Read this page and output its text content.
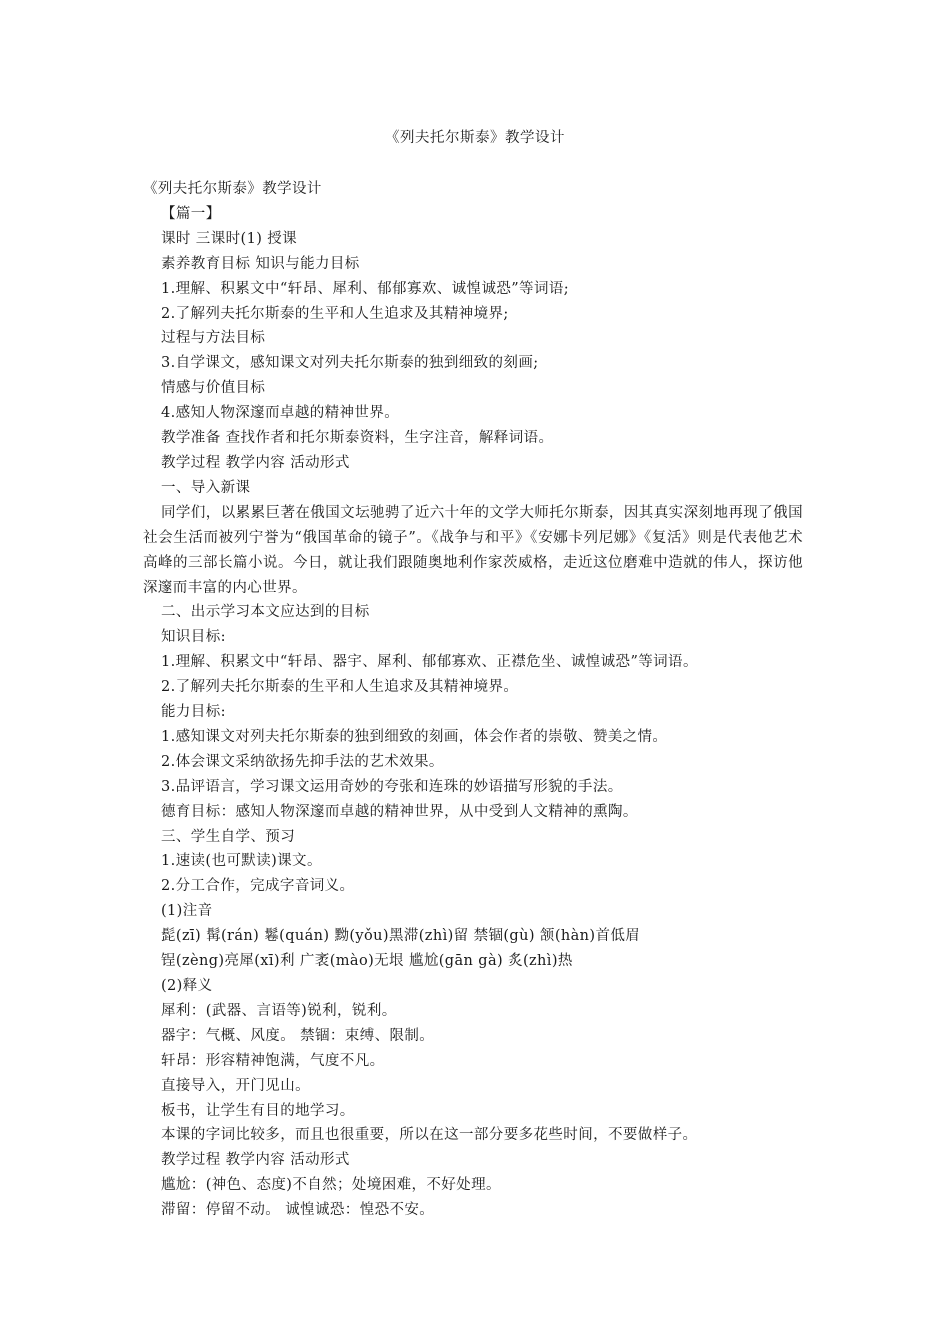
《列夫托尔斯泰》教学设计

《列夫托尔斯泰》教学设计

【篇一】

课时 三课时(1) 授课

素养教育目标 知识与能力目标

1.理解、积累文中“轩昂、犀利、郁郁寡欢、诚惶诚恐”等词语;

2.了解列夫托尔斯泰的生平和人生追求及其精神境界;

过程与方法目标

3.自学课文，感知课文对列夫托尔斯泰的独到细致的刻画;

情感与价值目标

4.感知人物深邃而卓越的精神世界。

教学准备 查找作者和托尔斯泰资料，生字注音，解释词语。

教学过程 教学内容 活动形式

一、导入新课

同学们，以累累巨著在俄国文坛驰骋了近六十年的文学大师托尔斯泰，因其真实深刻地再现了俄国社会生活而被列宁誉为“俄国革命的镜子”。《战争与和平》《安娜卡列尼娜》《复活》则是代表他艺术高峰的三部长篇小说。今日，就让我们跟随奥地利作家茨威格，走近这位磨难中造就的伟人，探访他深邃而丰富的内心世界。

二、出示学习本文应达到的目标

知识目标:

1.理解、积累文中“轩昂、器宇、犀利、郁郁寡欢、正襟危坐、诚惶诚恐”等词语。

2.了解列夫托尔斯泰的生平和人生追求及其精神境界。

能力目标:

1.感知课文对列夫托尔斯泰的独到细致的刻画，体会作者的崇敬、赞美之情。

2.体会课文采纳欲扬先抑手法的艺术效果。

3.品评语言，学习课文运用奇妙的夸张和连珠的妙语描写形貌的手法。

德育目标：感知人物深邃而卓越的精神世界，从中受到人文精神的熏陶。

三、学生自学、预习

1.速读(也可默读)课文。

2.分工合作，完成字音词义。

(1)注音

髭(zī) 髯(rán) 鬈(quán) 黝(yǒu)黑滞(zhì)留 禁锢(gù) 颔(hàn)首低眉

锃(zèng)亮犀(xī)利 广袤(mào)无垠 尴尬(gān gà) 炙(zhì)热

(2)释义

犀利：(武器、言语等)锐利，锐利。

器宇：气概、风度。 禁锢：束缚、限制。

轩昂：形容精神饱满，气度不凡。

直接导入，开门见山。

板书，让学生有目的地学习。

本课的字词比较多，而且也很重要，所以在这一部分要多花些时间，不要做样子。

教学过程 教学内容 活动形式

尴尬：(神色、态度)不自然；处境困难，不好处理。

滞留：停留不动。 诚惶诚恐：惶恐不安。
